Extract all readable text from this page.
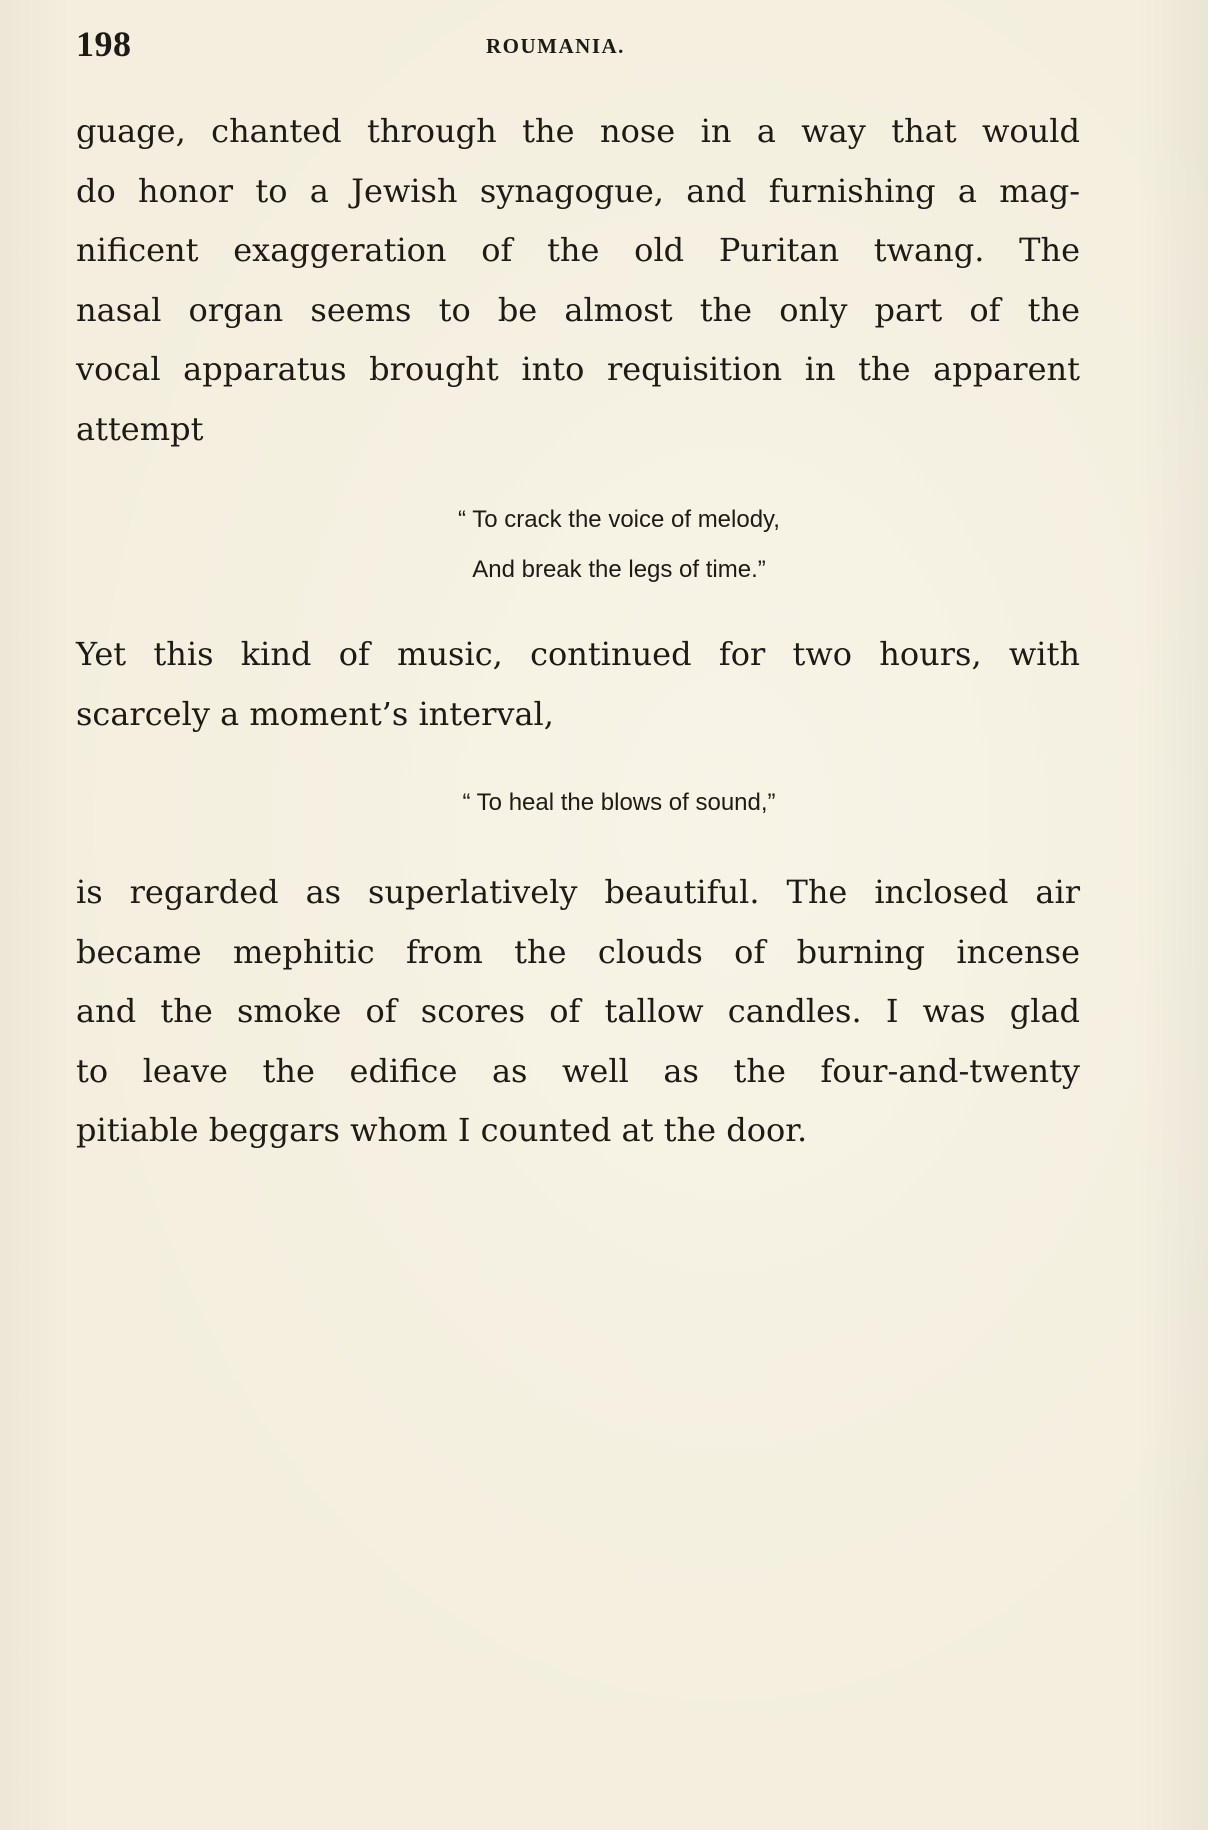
198	ROUMANIA.
guage, chanted through the nose in a way that would
do honor to a Jewish synagogue, and furnishing a mag-
nificent exaggeration of the old Puritan twang. The
nasal organ seems to be almost the only part of the
vocal apparatus brought into requisition in the apparent
attempt
“ To crack the voice of melody,
And break the legs of time.”
Yet this kind of music, continued for two hours, with
scarcely a moment’s interval,
“ To heal the blows of sound,”
is regarded as superlatively beautiful. The inclosed air
became mephitic from the clouds of burning incense
and the smoke of scores of tallow candles. I was glad
to leave the edifice as well as the four-and-twenty
pitiable beggars whom I counted at the door.
